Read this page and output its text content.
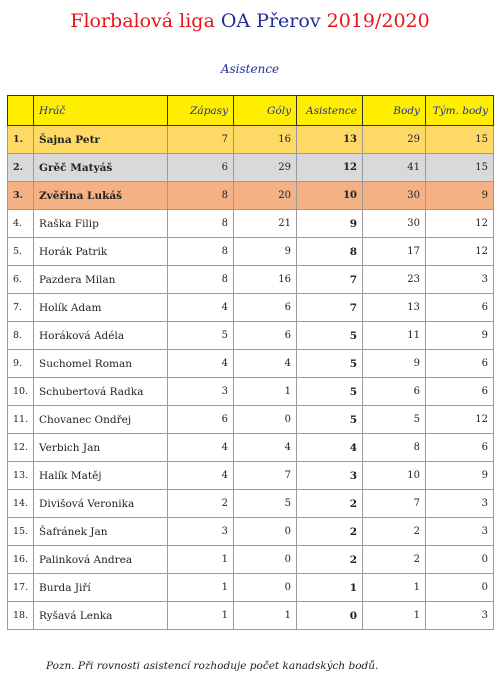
Florbalová liga OA Přerov 2019/2020
Asistence
	Hráč	Zápasy	Góly	Asistence	Body	Tým. body
1.	Šajna Petr	7	16	13	29	15
2.	Grěč Matyáš	6	29	12	41	15
3.	Zvěřina Lukáš	8	20	10	30	9
4.	Raška Filip	8	21	9	30	12
5.	Horák Patrik	8	9	8	17	12
6.	Pazdera Milan	8	16	7	23	3
7.	Holík Adam	4	6	7	13	6
8.	Horáková Adéla	5	6	5	11	9
9.	Suchomel Roman	4	4	5	9	6
10.	Schubertová Radka	3	1	5	6	6
11.	Chovanec Ondřej	6	0	5	5	12
12.	Verbich Jan	4	4	4	8	6
13.	Halík Matěj	4	7	3	10	9
14.	Divišová Veronika	2	5	2	7	3
15.	Šafránek Jan	3	0	2	2	3
16.	Palinková Andrea	1	0	2	2	0
17.	Burda Jiří	1	0	1	1	0
18.	Ryšavá Lenka	1	1	0	1	3
Pozn. Při rovnosti asistencí rozhoduje počet kanadských bodů.
